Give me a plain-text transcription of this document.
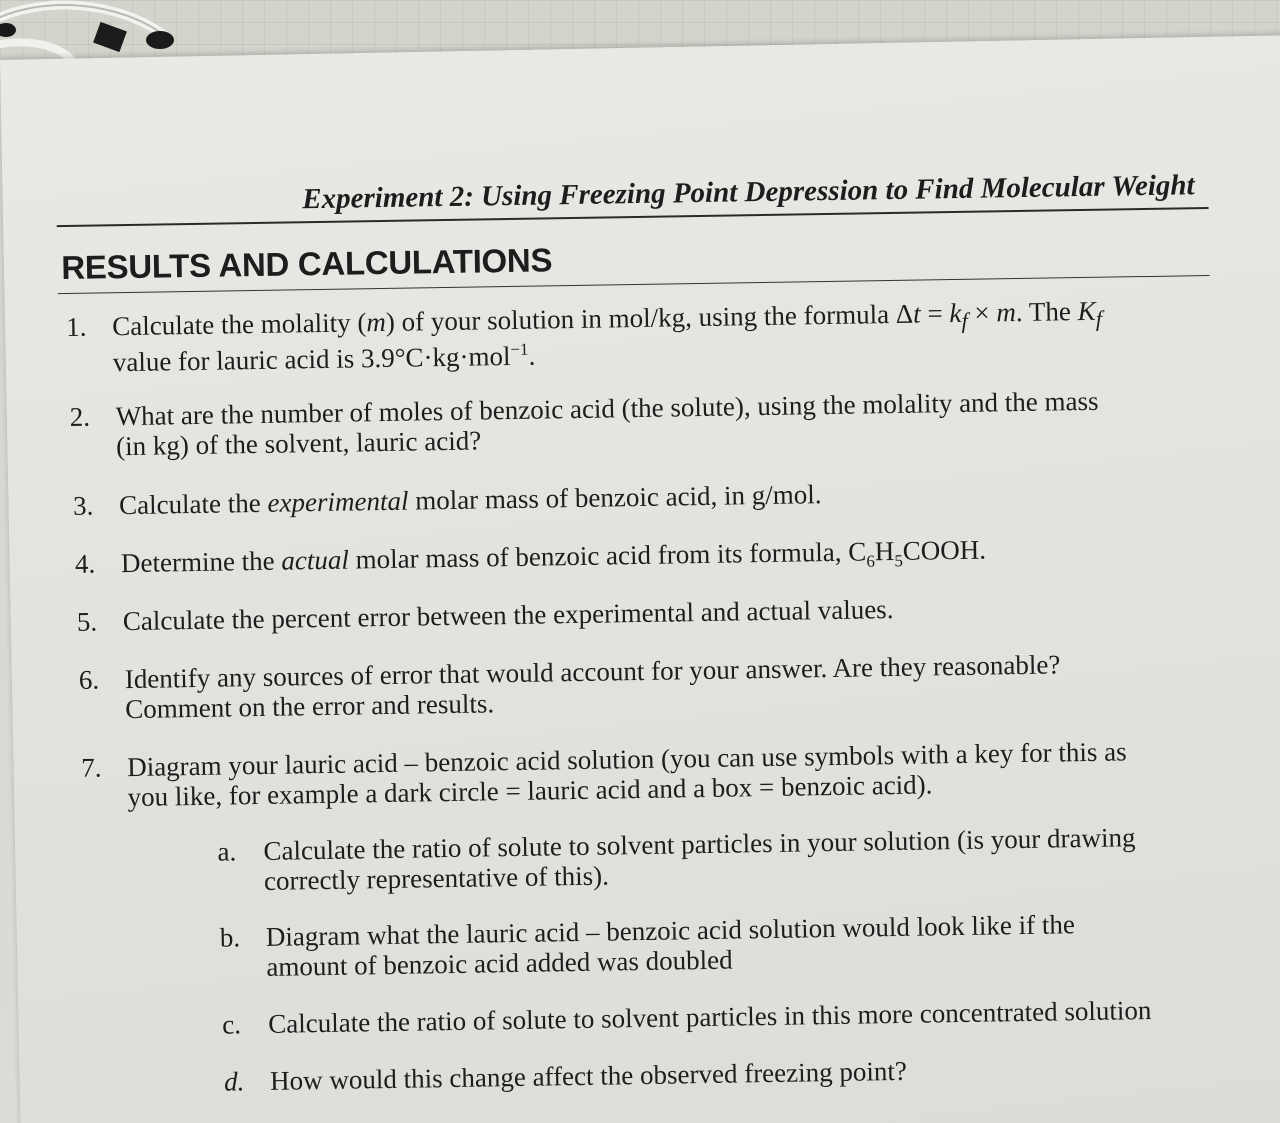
Experiment 2: Using Freezing Point Depression to Find Molecular Weight
RESULTS AND CALCULATIONS
1. Calculate the molality (m) of your solution in mol/kg, using the formula $\Delta t = k_f \times m$. The $K_f$
value for lauric acid is 3.9°C·kg·mol$^{-1}$.
2. What are the number of moles of benzoic acid (the solute), using the molality and the mass
(in kg) of the solvent, lauric acid?
3. Calculate the experimental molar mass of benzoic acid, in g/mol.
4. Determine the actual molar mass of benzoic acid from its formula, $C_6H_5COOH$.
5. Calculate the percent error between the experimental and actual values.
6. Identify any sources of error that would account for your answer. Are they reasonable?
Comment on the error and results.
7. Diagram your lauric acid – benzoic acid solution (you can use symbols with a key for this as
you like, for example a dark circle = lauric acid and a box = benzoic acid).
a. Calculate the ratio of solute to solvent particles in your solution (is your drawing
correctly representative of this).
b. Diagram what the lauric acid – benzoic acid solution would look like if the
amount of benzoic acid added was doubled
c. Calculate the ratio of solute to solvent particles in this more concentrated solution
d. How would this change affect the observed freezing point?
